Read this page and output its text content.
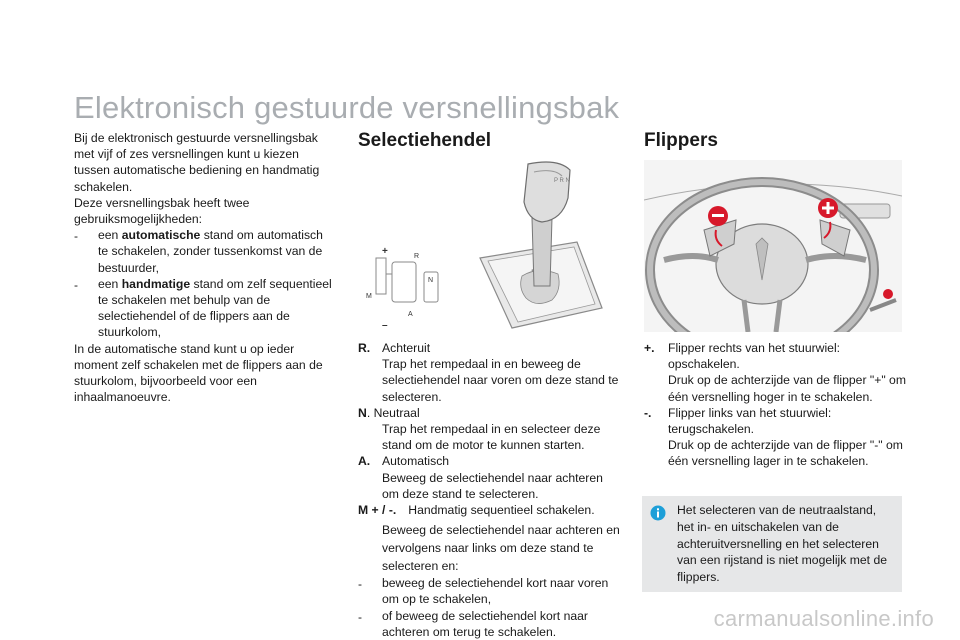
Elektronisch gestuurde versnellingsbak

Bij de elektronisch gestuurde versnellingsbak met vijf of zes versnellingen kunt u kiezen tussen automatische bediening en handmatig schakelen.

Deze versnellingsbak heeft twee gebruiksmogelijkheden:

-	een automatische stand om automatisch te schakelen, zonder tussenkomst van de bestuurder,
-	een handmatige stand om zelf sequentieel te schakelen met behulp van de selectiehendel of de flippers aan de stuurkolom,

In de automatische stand kunt u op ieder moment zelf schakelen met de flippers aan de stuurkolom, bijvoorbeeld voor een inhaalmanoeuvre.

Selectiehendel
P R N
R
N
A
M
+
–
R. Achteruit
Trap het rempedaal in en beweeg de selectiehendel naar voren om deze stand te selecteren.
N . Neutraal
Trap het rempedaal in en selecteer deze stand om de motor te kunnen starten.
A. Automatisch
Beweeg de selectiehendel naar achteren om deze stand te selecteren.
M + / -. Handmatig sequentieel schakelen.
Beweeg de selectiehendel naar achteren en vervolgens naar links om deze stand te selecteren en:
-	beweeg de selectiehendel kort naar voren om op te schakelen,
-	of beweeg de selectiehendel kort naar achteren om terug te schakelen.
Flippers
+.	Flipper rechts van het stuurwiel: opschakelen.
Druk op de achterzijde van de flipper "+" om één versnelling hoger in te schakelen.
-.	Flipper links van het stuurwiel: terugschakelen.
Druk op de achterzijde van de flipper "-" om één versnelling lager in te schakelen.
Het selecteren van de neutraalstand, het in- en uitschakelen van de achteruitversnelling en het selecteren van een rijstand is niet mogelijk met de flippers.
carmanualsonline.info
